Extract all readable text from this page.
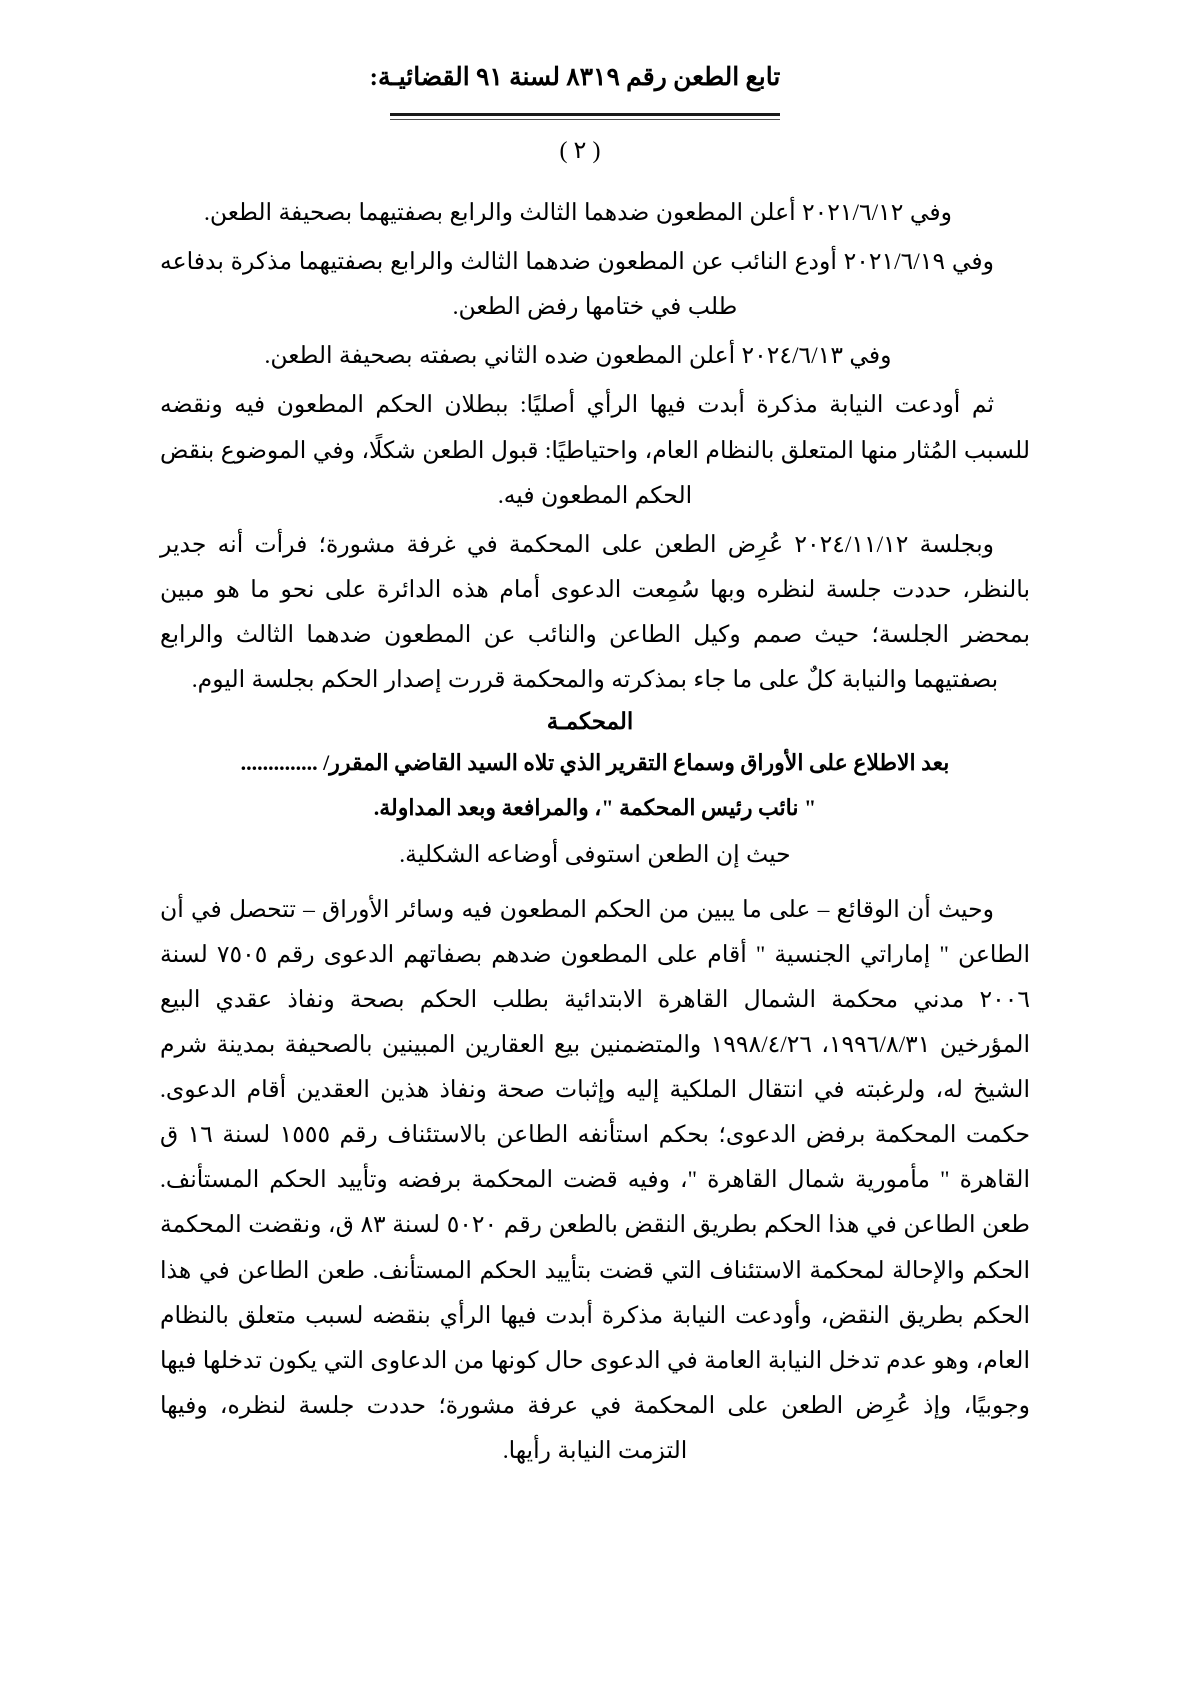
تابع الطعن رقم ٨٣١٩ لسنة ٩١ القضائيـة:
( ٢ )

وفي ٢٠٢١/٦/١٢ أعلن المطعون ضدهما الثالث والرابع بصفتيهما بصحيفة الطعن.

وفي ٢٠٢١/٦/١٩ أودع النائب عن المطعون ضدهما الثالث والرابع بصفتيهما مذكرة بدفاعه طلب في ختامها رفض الطعن.

وفي ٢٠٢٤/٦/١٣ أعلن المطعون ضده الثاني بصفته بصحيفة الطعن.

ثم أودعت النيابة مذكرة أبدت فيها الرأي أصليًا: ببطلان الحكم المطعون فيه ونقضه للسبب المُثار منها المتعلق بالنظام العام، واحتياطيًا: قبول الطعن شكلًا، وفي الموضوع بنقض الحكم المطعون فيه.

وبجلسة ٢٠٢٤/١١/١٢ عُرِض الطعن على المحكمة في غرفة مشورة؛ فرأت أنه جدير بالنظر، حددت جلسة لنظره وبها سُمِعت الدعوى أمام هذه الدائرة على نحو ما هو مبين بمحضر الجلسة؛ حيث صمم وكيل الطاعن والنائب عن المطعون ضدهما الثالث والرابع بصفتيهما والنيابة كلٌ على ما جاء بمذكرته والمحكمة قررت إصدار الحكم بجلسة اليوم.

المحكمـة

بعد الاطلاع على الأوراق وسماع التقرير الذي تلاه السيد القاضي المقرر/ ..............

" نائب رئيس المحكمة "، والمرافعة وبعد المداولة.

حيث إن الطعن استوفى أوضاعه الشكلية.

وحيث أن الوقائع – على ما يبين من الحكم المطعون فيه وسائر الأوراق – تتحصل في أن الطاعن " إماراتي الجنسية " أقام على المطعون ضدهم بصفاتهم الدعوى رقم ٧٥٠٥ لسنة ٢٠٠٦ مدني محكمة الشمال القاهرة الابتدائية بطلب الحكم بصحة ونفاذ عقدي البيع المؤرخين ١٩٩٦/٨/٣١، ١٩٩٨/٤/٢٦ والمتضمنين بيع العقارين المبينين بالصحيفة بمدينة شرم الشيخ له، ولرغبته في انتقال الملكية إليه وإثبات صحة ونفاذ هذين العقدين أقام الدعوى. حكمت المحكمة برفض الدعوى؛ بحكم استأنفه الطاعن بالاستئناف رقم ١٥٥٥ لسنة ١٦ ق القاهرة " مأمورية شمال القاهرة "، وفيه قضت المحكمة برفضه وتأييد الحكم المستأنف. طعن الطاعن في هذا الحكم بطريق النقض بالطعن رقم ٥٠٢٠ لسنة ٨٣ ق، ونقضت المحكمة الحكم والإحالة لمحكمة الاستئناف التي قضت بتأييد الحكم المستأنف. طعن الطاعن في هذا الحكم بطريق النقض، وأودعت النيابة مذكرة أبدت فيها الرأي بنقضه لسبب متعلق بالنظام العام، وهو عدم تدخل النيابة العامة في الدعوى حال كونها من الدعاوى التي يكون تدخلها فيها وجوبيًا، وإذ عُرِض الطعن على المحكمة في عرفة مشورة؛ حددت جلسة لنظره، وفيها التزمت النيابة رأيها.
